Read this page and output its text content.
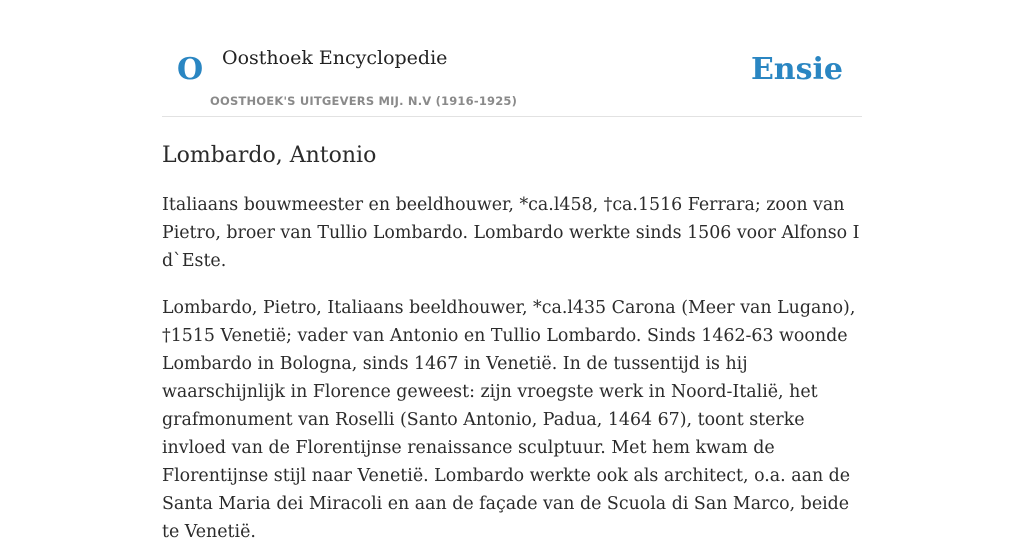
O Oosthoek Encyclopedie
OOSTHOEK'S UITGEVERS MIJ. N.V (1916-1925)
Ensie
Lombardo, Antonio

Italiaans bouwmeester en beeldhouwer, *ca.l458, †ca.1516 Ferrara; zoon van Pietro, broer van Tullio Lombardo. Lombardo werkte sinds 1506 voor Alfonso I d`Este.

Lombardo, Pietro, Italiaans beeldhouwer, *ca.l435 Carona (Meer van Lugano), †1515 Venetië; vader van Antonio en Tullio Lombardo. Sinds 1462-63 woonde Lombardo in Bologna, sinds 1467 in Venetië. In de tussentijd is hij waarschijnlijk in Florence geweest: zijn vroegste werk in Noord-Italië, het grafmonument van Roselli (Santo Antonio, Padua, 1464 67), toont sterke invloed van de Florentijnse renaissance sculptuur. Met hem kwam de Florentijnse stijl naar Venetië. Lombardo werkte ook als architect, o.a. aan de Santa Maria dei Miracoli en aan de façade van de Scuola di San Marco, beide te Venetië.
